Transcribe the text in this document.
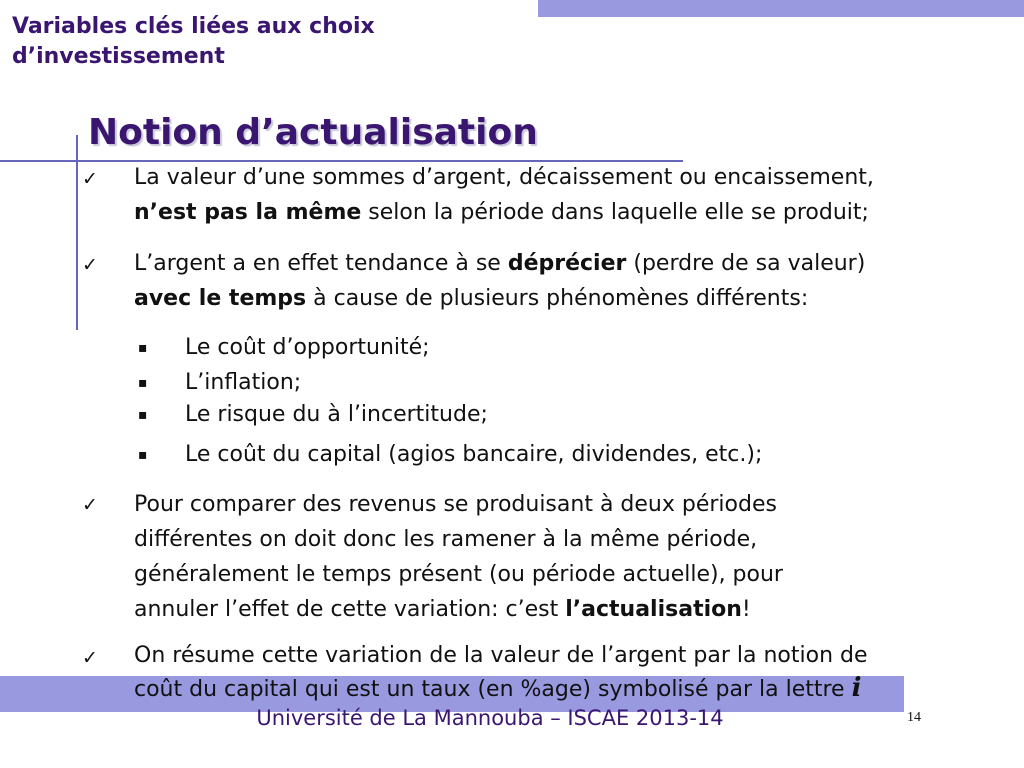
Variables clés liées aux choix
d’investissement
Notion d’actualisation
✓ La valeur d’une sommes d’argent, décaissement ou encaissement,
n’est pas la même selon la période dans laquelle elle se produit;
✓ L’argent a en effet tendance à se déprécier (perdre de sa valeur)
avec le temps à cause de plusieurs phénomènes différents:
▪ Le coût d’opportunité;
▪ L’inflation;
▪ Le risque du à l’incertitude;
▪ Le coût du capital (agios bancaire, dividendes, etc.);
✓ Pour comparer des revenus se produisant à deux périodes
différentes on doit donc les ramener à la même période,
généralement le temps présent (ou période actuelle), pour
annuler l’effet de cette variation: c’est l’actualisation!
✓ On résume cette variation de la valeur de l’argent par la notion de
coût du capital qui est un taux (en %age) symbolisé par la lettre i
Université de La Mannouba – ISCAE 2013-14	14
